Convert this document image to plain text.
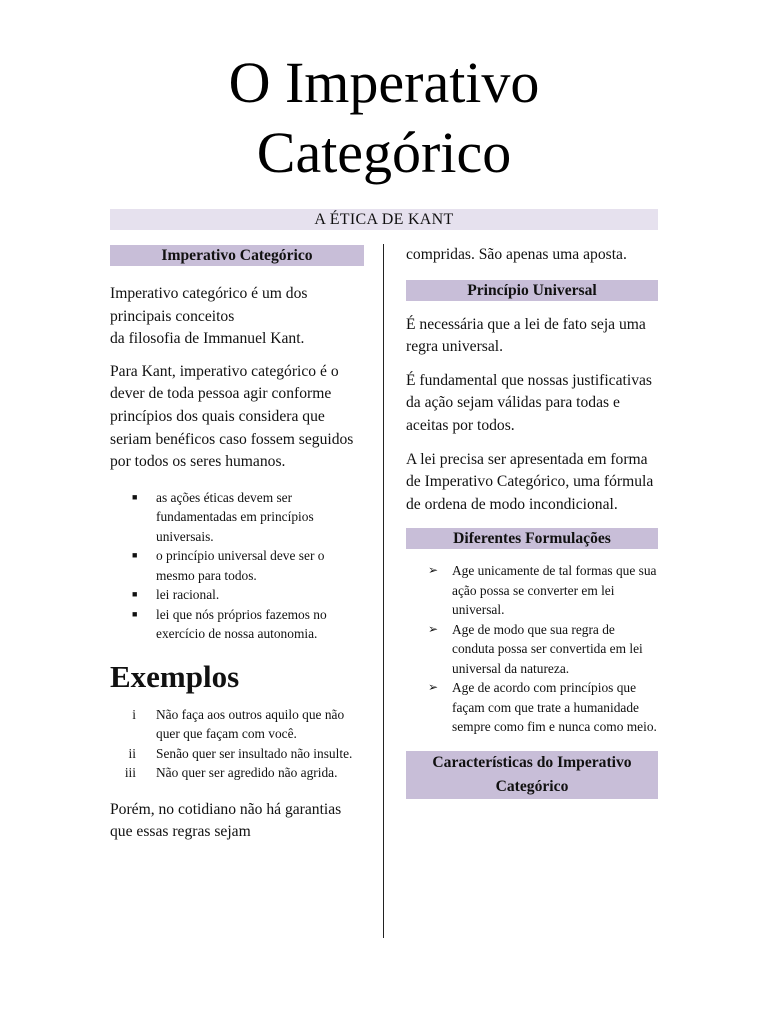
O Imperativo
Categórico
A ÉTICA DE KANT
Imperativo Categórico

Imperativo categórico é um dos
principais conceitos
da filosofia de Immanuel Kant.

Para Kant, imperativo categórico é o dever de toda pessoa agir conforme princípios dos quais considera que seriam benéficos caso fossem seguidos por todos os seres humanos.

■ as ações éticas devem ser fundamentadas em princípios universais.
■ o princípio universal deve ser o mesmo para todos.
■ lei racional.
■ lei que nós próprios fazemos no exercício de nossa autonomia.
Exemplos
i Não faça aos outros aquilo que não quer que façam com você.
ii Senão quer ser insultado não insulte.
iii Não quer ser agredido não agrida.

Porém, no cotidiano não há garantias que essas regras sejam

compridas. São apenas uma aposta.

Princípio Universal

É necessária que a lei de fato seja uma regra universal.

É fundamental que nossas justificativas da ação sejam válidas para todas e aceitas por todos.

A lei precisa ser apresentada em forma de Imperativo Categórico, uma fórmula de ordena de modo incondicional.

Diferentes Formulações
➢ Age unicamente de tal formas que sua ação possa se converter em lei universal.
➢ Age de modo que sua regra de conduta possa ser convertida em lei universal da natureza.
➢ Age de acordo com princípios que façam com que trate a humanidade sempre como fim e nunca como meio.
Características do Imperativo Categórico
